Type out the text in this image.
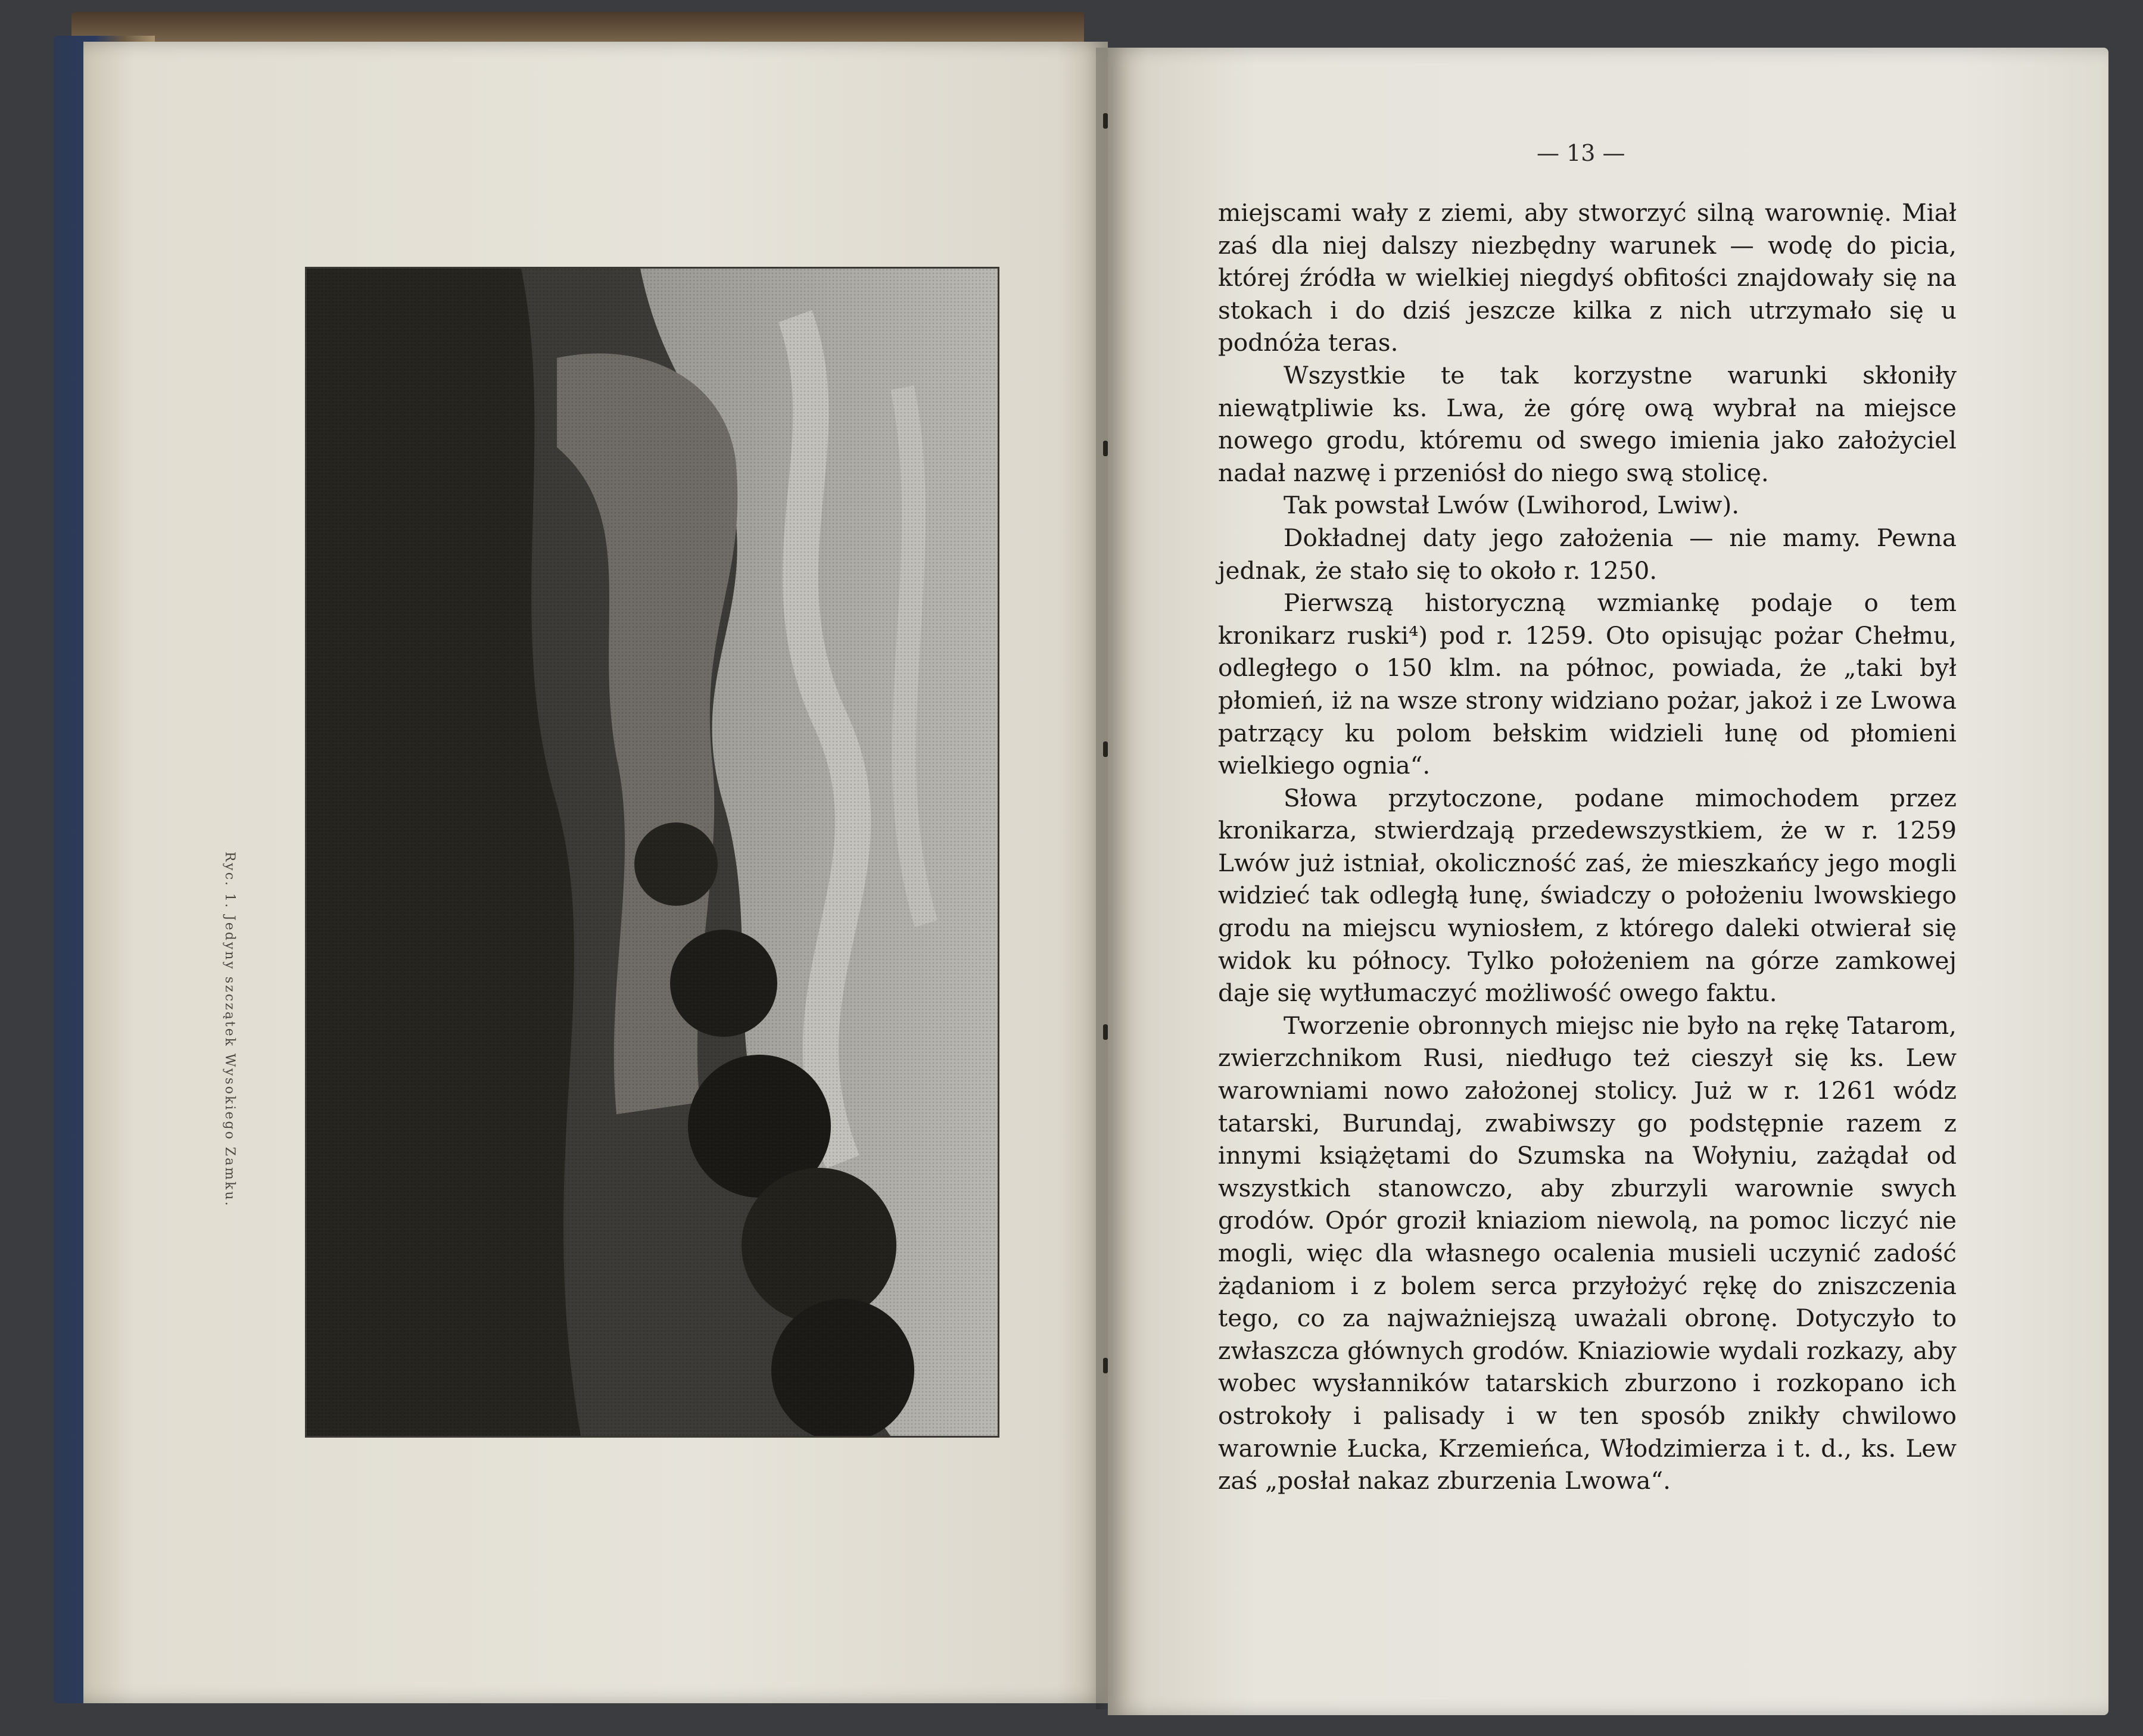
Ryc. 1. Jedyny szczątek Wysokiego Zamku.
— 13 —

miejscami wały z ziemi, aby stworzyć silną warownię. Miał zaś dla niej dalszy niezbędny warunek — wodę do picia, której źródła w wielkiej niegdyś obfitości znajdowały się na stokach i do dziś jeszcze kilka z nich utrzymało się u podnóża teras.

Wszystkie te tak korzystne warunki skłoniły niewątpliwie ks. Lwa, że górę ową wybrał na miejsce nowego grodu, któremu od swego imienia jako założyciel nadał nazwę i przeniósł do niego swą stolicę.

Tak powstał Lwów (Lwihorod, Lwiw).

Dokładnej daty jego założenia — nie mamy. Pewna jednak, że stało się to około r. 1250.

Pierwszą historyczną wzmiankę podaje o tem kronikarz ruski⁴) pod r. 1259. Oto opisując pożar Chełmu, odległego o 150 klm. na północ, powiada, że „taki był płomień, iż na wsze strony widziano pożar, jakoż i ze Lwowa patrzący ku polom bełskim widzieli łunę od płomieni wielkiego ognia“.

Słowa przytoczone, podane mimochodem przez kronikarza, stwierdzają przedewszystkiem, że w r. 1259 Lwów już istniał, okoliczność zaś, że mieszkańcy jego mogli widzieć tak odległą łunę, świadczy o położeniu lwowskiego grodu na miejscu wyniosłem, z którego daleki otwierał się widok ku północy. Tylko położeniem na górze zamkowej daje się wytłumaczyć możliwość owego faktu.

Tworzenie obronnych miejsc nie było na rękę Tatarom, zwierzchnikom Rusi, niedługo też cieszył się ks. Lew warowniami nowo założonej stolicy. Już w r. 1261 wódz tatarski, Burundaj, zwabiwszy go podstępnie razem z innymi książętami do Szumska na Wołyniu, zażądał od wszystkich stanowczo, aby zburzyli warownie swych grodów. Opór groził kniaziom niewolą, na pomoc liczyć nie mogli, więc dla własnego ocalenia musieli uczynić zadość żądaniom i z bolem serca przyłożyć rękę do zniszczenia tego, co za najważniejszą uważali obronę. Dotyczyło to zwłaszcza głównych grodów. Kniaziowie wydali rozkazy, aby wobec wysłanników tatarskich zburzono i rozkopano ich ostrokoły i palisady i w ten sposób znikły chwilowo warownie Łucka, Krzemieńca, Włodzimierza i t. d., ks. Lew zaś „posłał nakaz zburzenia Lwowa“.
